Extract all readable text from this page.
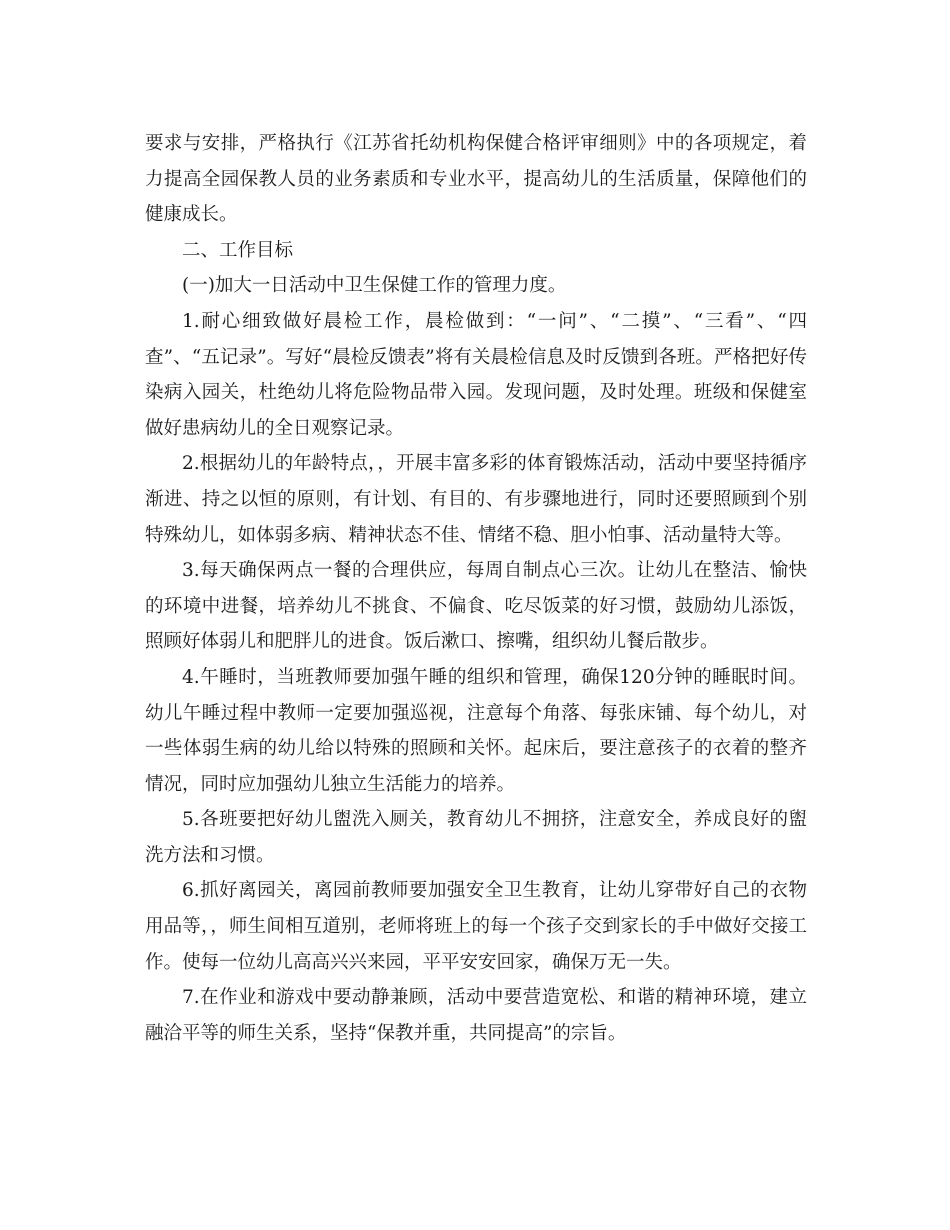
要求与安排，严格执行《江苏省托幼机构保健合格评审细则》中的各项规定，着力提高全园保教人员的业务素质和专业水平，提高幼儿的生活质量，保障他们的健康成长。

二、工作目标

(一)加大一日活动中卫生保健工作的管理力度。

1.耐心细致做好晨检工作，晨检做到：“一问”、“二摸”、“三看”、“四查”、“五记录”。写好“晨检反馈表”将有关晨检信息及时反馈到各班。严格把好传染病入园关，杜绝幼儿将危险物品带入园。发现问题，及时处理。班级和保健室做好患病幼儿的全日观察记录。

2.根据幼儿的年龄特点，，开展丰富多彩的体育锻炼活动，活动中要坚持循序渐进、持之以恒的原则，有计划、有目的、有步骤地进行，同时还要照顾到个别特殊幼儿，如体弱多病、精神状态不佳、情绪不稳、胆小怕事、活动量特大等。

3.每天确保两点一餐的合理供应，每周自制点心三次。让幼儿在整洁、愉快的环境中进餐，培养幼儿不挑食、不偏食、吃尽饭菜的好习惯，鼓励幼儿添饭，照顾好体弱儿和肥胖儿的进食。饭后漱口、擦嘴，组织幼儿餐后散步。

4.午睡时，当班教师要加强午睡的组织和管理，确保120分钟的睡眠时间。幼儿午睡过程中教师一定要加强巡视，注意每个角落、每张床铺、每个幼儿，对一些体弱生病的幼儿给以特殊的照顾和关怀。起床后，要注意孩子的衣着的整齐情况，同时应加强幼儿独立生活能力的培养。

5.各班要把好幼儿盥洗入厕关，教育幼儿不拥挤，注意安全，养成良好的盥洗方法和习惯。

6.抓好离园关，离园前教师要加强安全卫生教育，让幼儿穿带好自己的衣物用品等，，师生间相互道别，老师将班上的每一个孩子交到家长的手中做好交接工作。使每一位幼儿高高兴兴来园，平平安安回家，确保万无一失。

7.在作业和游戏中要动静兼顾，活动中要营造宽松、和谐的精神环境，建立融洽平等的师生关系，坚持“保教并重，共同提高”的宗旨。
